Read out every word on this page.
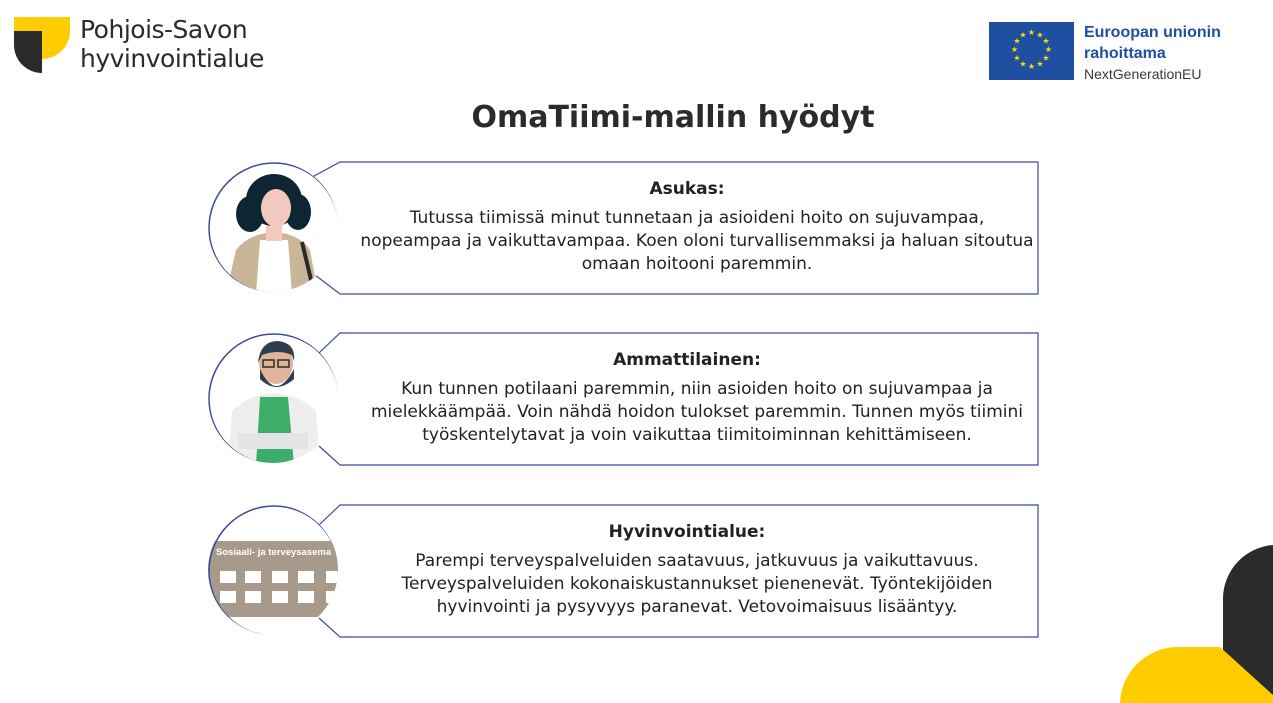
Pohjois-Savon
hyvinvointialue
★ ★
★
★
★
★
★
★
★
★
★
★	Euroopan unionin
rahoittama
NextGenerationEU
OmaTiimi-mallin hyödyt
Asukas:
Tutussa tiimissä minut tunnetaan ja asioideni hoito on sujuvampaa, nopeampaa ja vaikuttavampaa. Koen oloni turvallisemmaksi ja haluan sitoutua omaan hoitooni paremmin.
Ammattilainen:
Kun tunnen potilaani paremmin, niin asioiden hoito on sujuvampaa ja mielekkäämpää. Voin nähdä hoidon tulokset paremmin. Tunnen myös tiimini työskentelytavat ja voin vaikuttaa tiimitoiminnan kehittämiseen.
Sosiaali- ja terveysasema
Hyvinvointialue:
Parempi terveyspalveluiden saatavuus, jatkuvuus ja vaikuttavuus. Terveyspalveluiden kokonaiskustannukset pienenevät. Työntekijöiden hyvinvointi ja pysyvyys paranevat. Vetovoimaisuus lisääntyy.
